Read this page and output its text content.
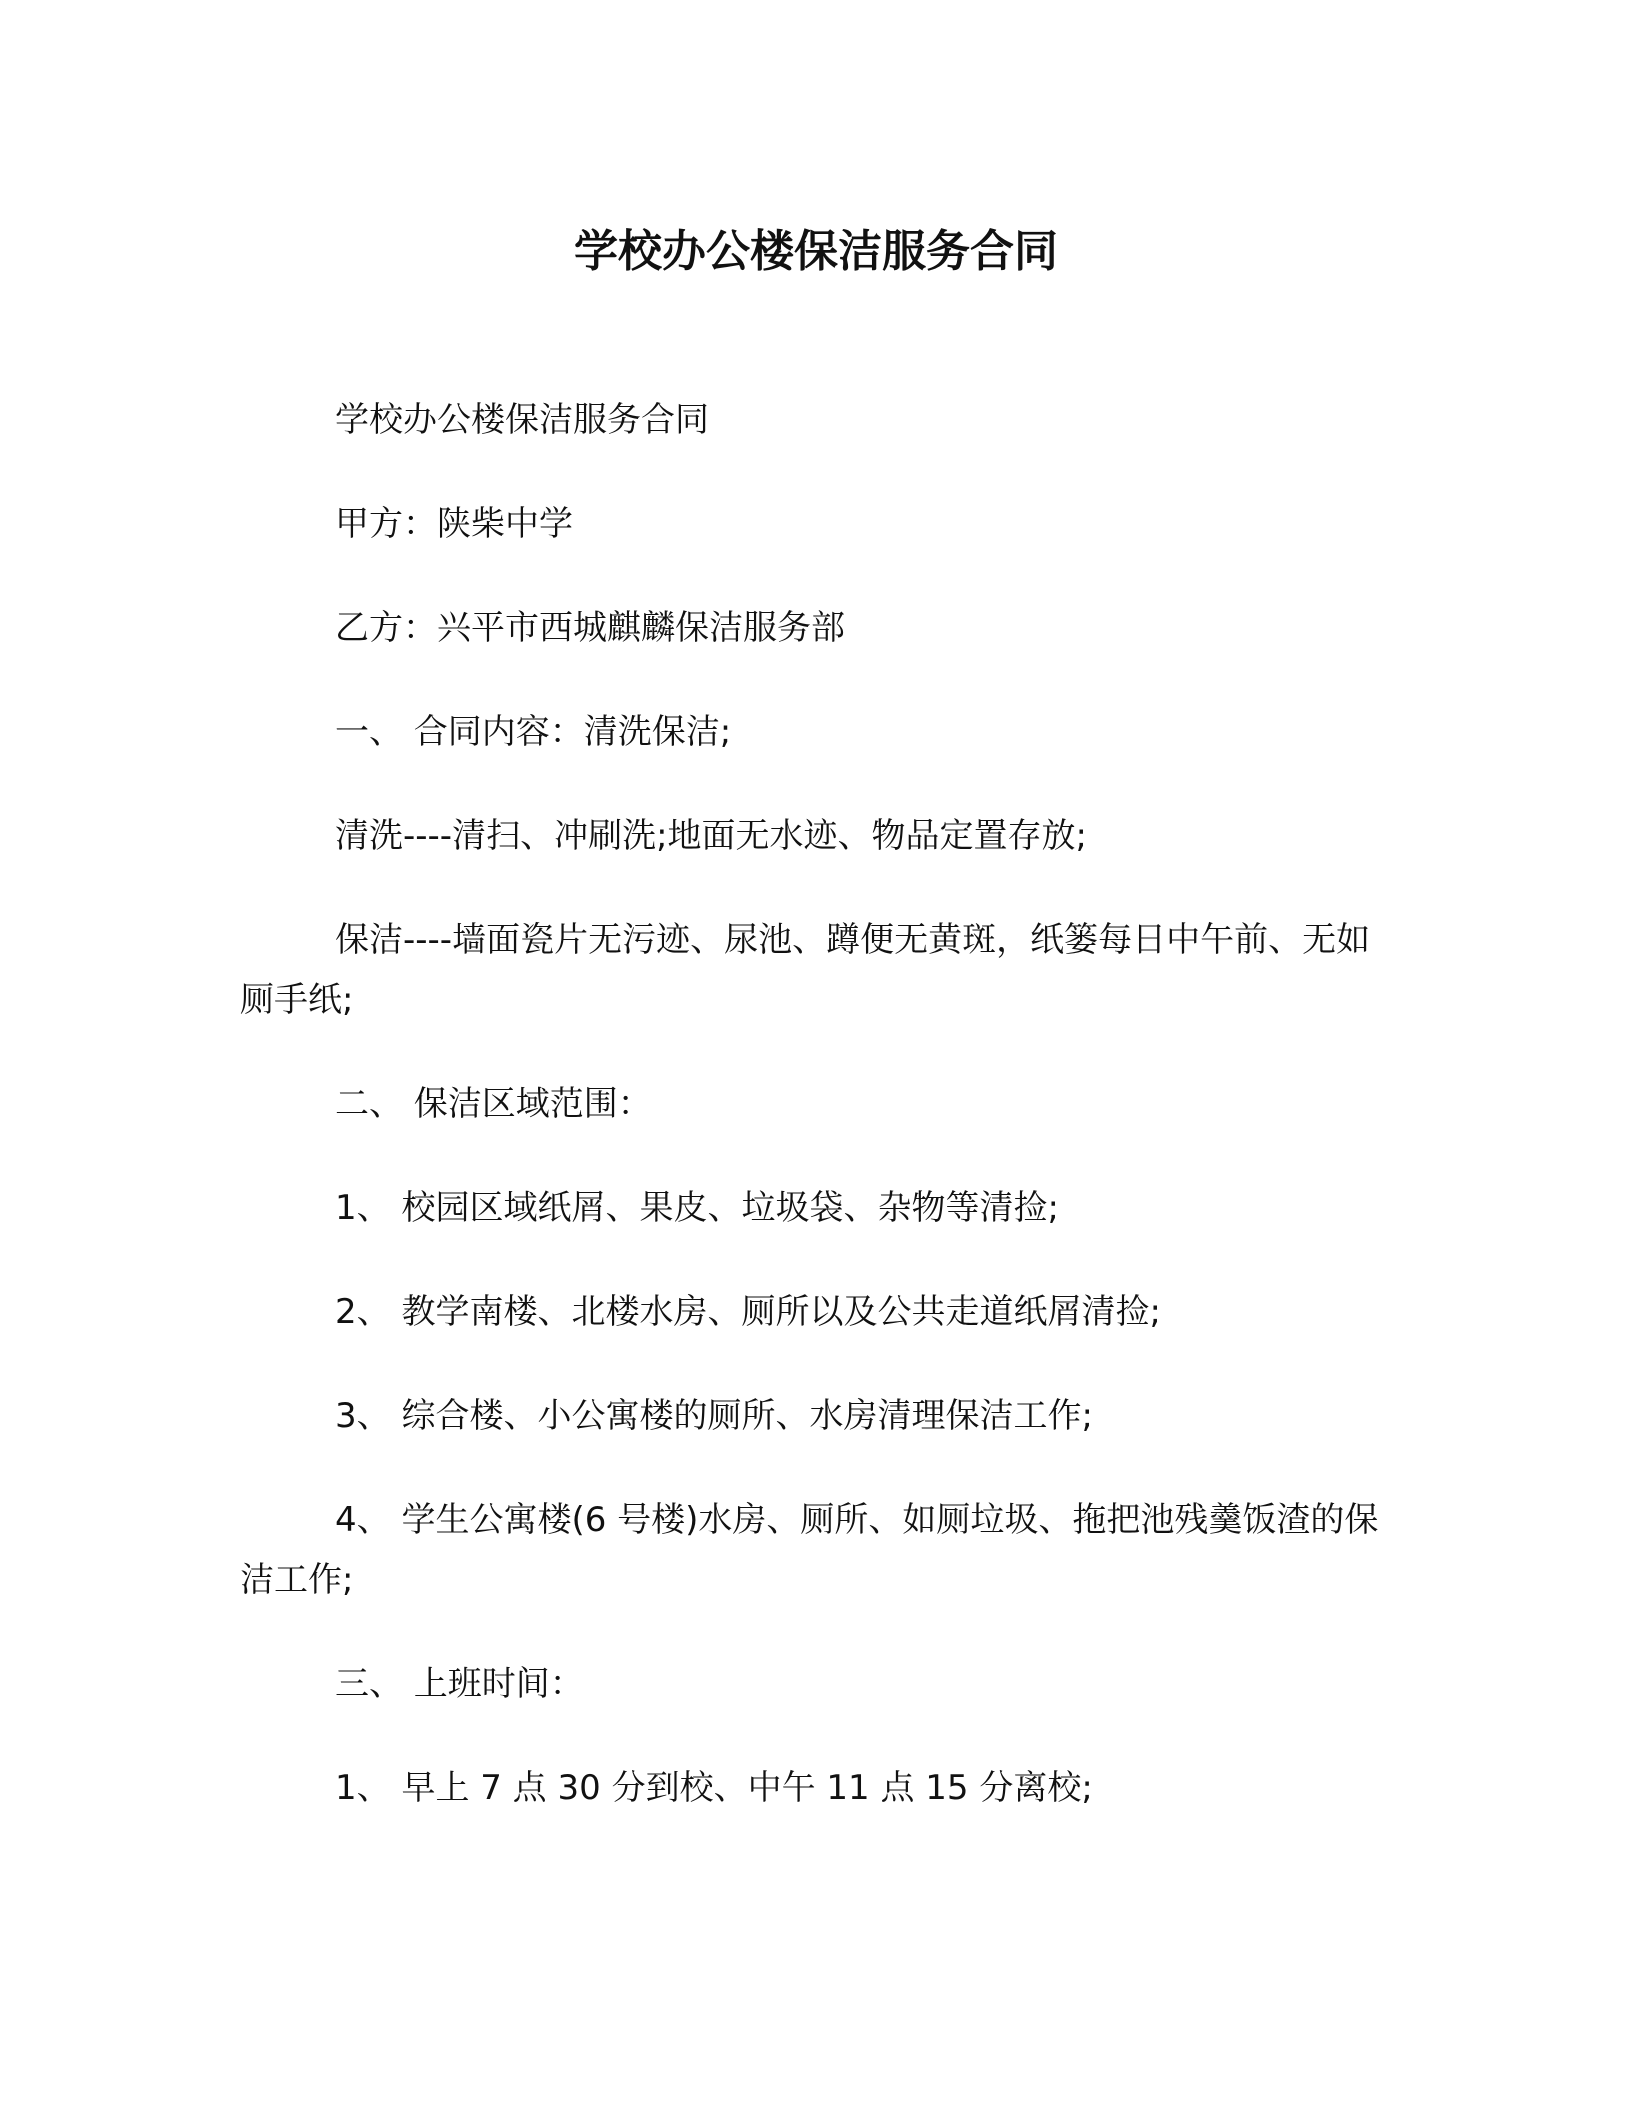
学校办公楼保洁服务合同

学校办公楼保洁服务合同

甲方：陕柴中学

乙方：兴平市西城麒麟保洁服务部

一、 合同内容：清洗保洁;

清洗----清扫、冲刷洗;地面无水迹、物品定置存放;

保洁----墙面瓷片无污迹、尿池、蹲便无黄斑，纸篓每日中午前、无如厕手纸;

二、 保洁区域范围：

1、 校园区域纸屑、果皮、垃圾袋、杂物等清捡;

2、 教学南楼、北楼水房、厕所以及公共走道纸屑清捡;

3、 综合楼、小公寓楼的厕所、水房清理保洁工作;

4、 学生公寓楼(6 号楼)水房、厕所、如厕垃圾、拖把池残羹饭渣的保洁工作;

三、 上班时间：

1、 早上 7 点 30 分到校、中午 11 点 15 分离校;
